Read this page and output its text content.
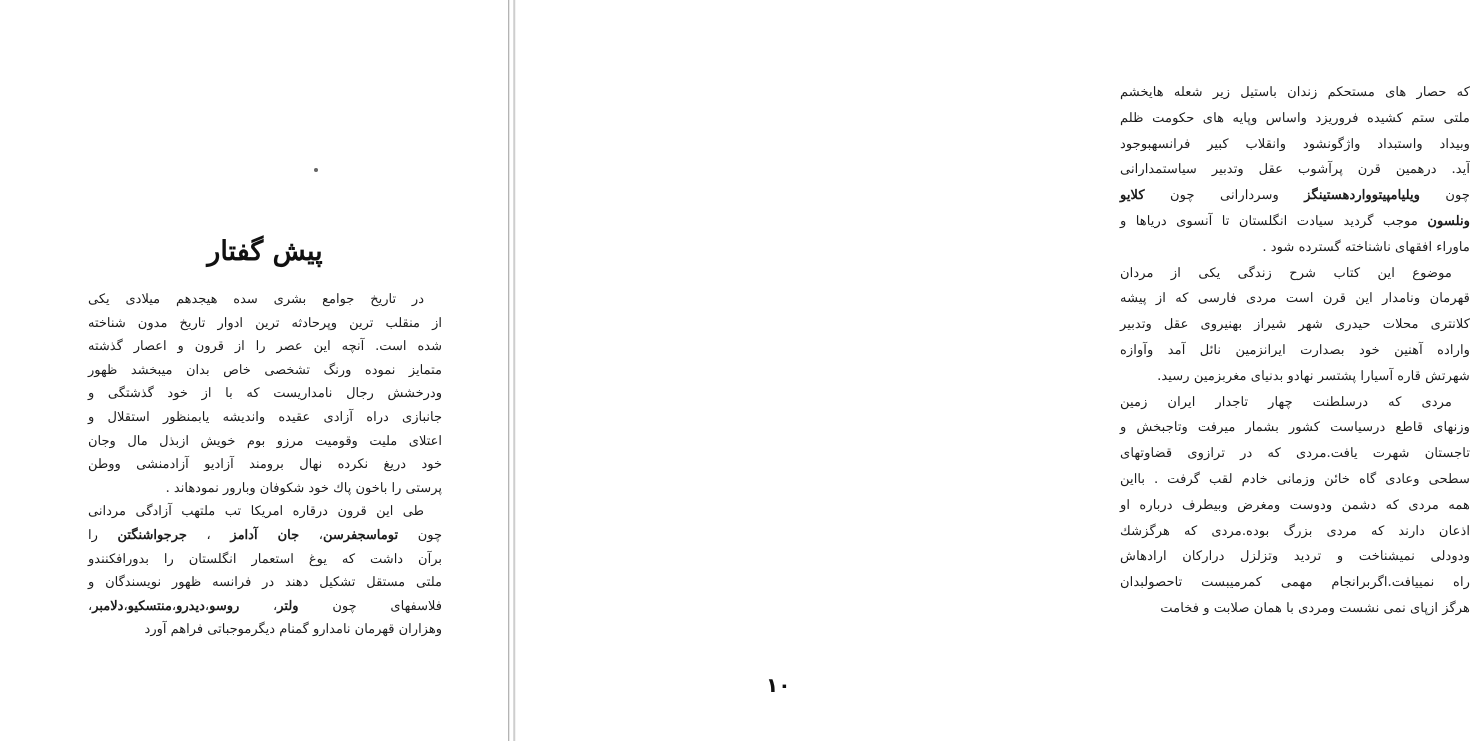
پیش گفتار
در تاریخ جوامع بشری سده هیجدهم میلادی یکی
از منقلب ترین وپرحادثه ترین ادوار تاریخ مدون شناخته
شده است. آنچه این عصر را از قرون و اعصار گذشته
متمایز نموده ورنگ تشخصی خاص بدان میبخشد ظهور
ودرخشش رجال نامداریست که با از خود گذشتگی و
جانبازی دراه آزادی عقیده واندیشه یابمنظور استقلال و
اعتلای ملیت وقومیت مرزو بوم خویش ازبذل مال وجان
خود دریغ نکرده نهال برومند آزادیو آزادمنشی ووطن
پرستی را باخون پاك خود شكوفان وبارور نمودهاند .
طی این قرون درقاره امریکا تب ملتهب آزادگی مردانی
چون توماسجفرسن، جان آدامز ، جرجواشنگتن را
برآن داشت که یوغ استعمار انگلستان را بدورافکنندو
ملتی مستقل تشکیل دهند در فرانسه ظهور نویسندگان و
فلاسفهای چون ولتر، روسو،دیدرو،منتسکیو،دلامبر،
وهزاران قهرمان نامدارو گمنام دیگرموجباتی فراهم آورد
که حصار های مستحکم زندان باستیل زیر شعله هایخشم
ملتی ستم کشیده فروریزد واساس وپایه های حکومت ظلم
وبیداد واستبداد واژگونشود وانقلاب کبیر فرانسهبوجود
آید. درهمین قرن پرآشوب عقل وتدبیر سیاستمدارانی
چون ویلیامپیتوواردهستینگز وسردارانی چون کلایو
ونلسون موجب گردید سیادت انگلستان تا آنسوی دریاها و
ماوراء افقهای ناشناخته گسترده شود .
موضوع این کتاب شرح زندگی یکی از مردان
قهرمان ونامدار این قرن است مردی فارسی که از پیشه
کلانتری محلات حیدری شهر شیراز بهنیروی عقل وتدبیر
واراده آهنین خود بصدارت ایرانزمین نائل آمد وآوازه
شهرتش قاره آسیارا پشتسر نهادو بدنیای مغربزمین رسید.
مردی که درسلطنت چهار تاجدار ایران زمین
وزنهای قاطع درسیاست کشور بشمار میرفت وتاجبخش و
تاجستان شهرت یافت.مردی که در ترازوی قضاوتهای
سطحی وعادی گاه خائن وزمانی خادم لقب گرفت . بااین
همه مردی که دشمن ودوست ومغرض وبیطرف درباره او
اذعان دارند که مردی بزرگ بوده.مردی که هرگزشك
ودودلی نمیشناخت و تردید وتزلزل درارکان ارادهاش
راه نمییافت.اگربرانجام مهمی کمرمیبست تاحصولبدان
هرگز ازپای نمی نشست ومردی با همان صلابت و فخامت
۱۰
